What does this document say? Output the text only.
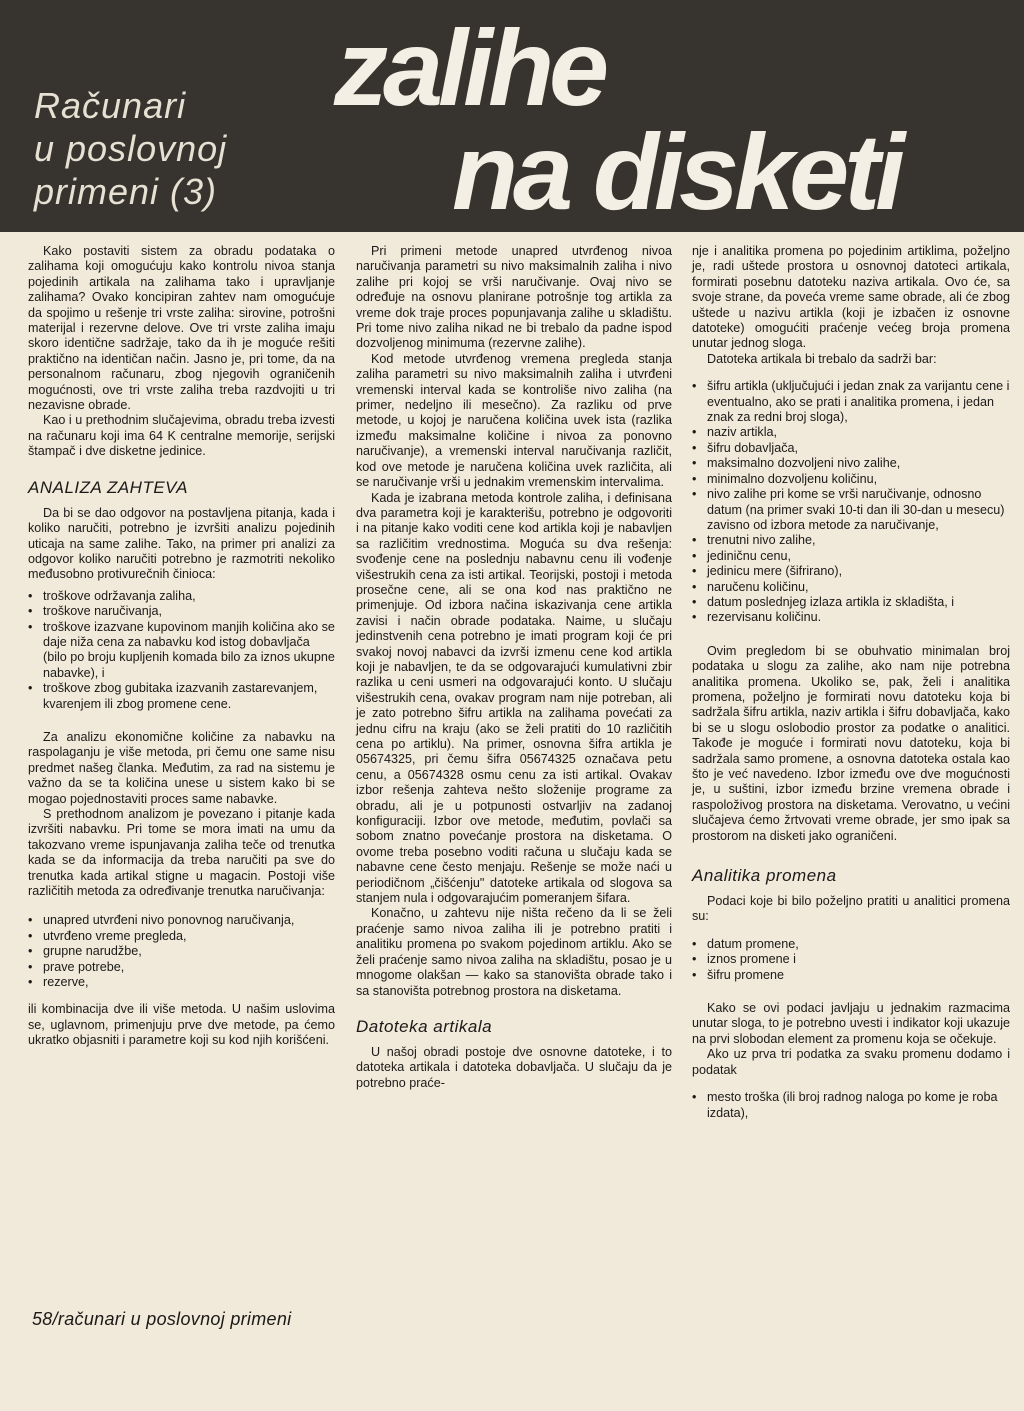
Računari
u poslovnoj
primeni (3)
zalihe
na disketi

Kako postaviti sistem za obradu podataka o zalihama koji omogućuju kako kontrolu nivoa stanja pojedinih artikala na zalihama tako i upravljanje zalihama? Ovako koncipiran zahtev nam omogućuje da spojimo u rešenje tri vrste zaliha: sirovine, potrošni materijal i rezervne delove. Ove tri vrste zaliha imaju skoro identične sadržaje, tako da ih je moguće rešiti praktično na identičan način. Jasno je, pri tome, da na personalnom računaru, zbog njegovih ograničenih mogućnosti, ove tri vrste zaliha treba razdvojiti u tri nezavisne obrade.

Kao i u prethodnim slučajevima, obradu treba izvesti na računaru koji ima 64 K centralne memorije, serijski štampač i dve disketne jedinice.

ANALIZA ZAHTEVA

Da bi se dao odgovor na postavljena pitanja, kada i koliko naručiti, potrebno je izvršiti analizu pojedinih uticaja na same zalihe. Tako, na primer pri analizi za odgovor koliko naručiti potrebno je razmotriti nekoliko međusobno protivurečnih činioca:

• troškove održavanja zaliha,
• troškove naručivanja,
• troškove izazvane kupovinom manjih količina ako se daje niža cena za nabavku kod istog dobavljača (bilo po broju kupljenih komada bilo za iznos ukupne nabavke), i
• troškove zbog gubitaka izazvanih zastarevanjem, kvarenjem ili zbog promene cene.

Za analizu ekonomične količine za nabavku na raspolaganju je više metoda, pri čemu one same nisu predmet našeg članka. Međutim, za rad na sistemu je važno da se ta količina unese u sistem kako bi se mogao pojednostaviti proces same nabavke.

S prethodnom analizom je povezano i pitanje kada izvršiti nabavku. Pri tome se mora imati na umu da takozvano vreme ispunjavanja zaliha teče od trenutka kada se da informacija da treba naručiti pa sve do trenutka kada artikal stigne u magacin. Postoji više različitih metoda za određivanje trenutka naručivanja:

• unapred utvrđeni nivo ponovnog naručivanja,
• utvrđeno vreme pregleda,
• grupne narudžbe,
• prave potrebe,
• rezerve,

ili kombinacija dve ili više metoda. U našim uslovima se, uglavnom, primenjuju prve dve metode, pa ćemo ukratko objasniti i parametre koji su kod njih korišćeni.

Pri primeni metode unapred utvrđenog nivoa naručivanja parametri su nivo maksimalnih zaliha i nivo zalihe pri kojoj se vrši naručivanje. Ovaj nivo se određuje na osnovu planirane potrošnje tog artikla za vreme dok traje proces popunjavanja zalihe u skladištu. Pri tome nivo zaliha nikad ne bi trebalo da padne ispod dozvoljenog minimuma (rezervne zalihe).

Kod metode utvrđenog vremena pregleda stanja zaliha parametri su nivo maksimalnih zaliha i utvrđeni vremenski interval kada se kontroliše nivo zaliha (na primer, nedeljno ili mesečno). Za razliku od prve metode, u kojoj je naručena količina uvek ista (razlika između maksimalne količine i nivoa za ponovno naručivanje), a vremenski interval naručivanja različit, kod ove metode je naručena količina uvek različita, ali se naručivanje vrši u jednakim vremenskim intervalima.

Kada je izabrana metoda kontrole zaliha, i definisana dva parametra koji je karakterišu, potrebno je odgovoriti i na pitanje kako voditi cene kod artikla koji je nabavljen sa različitim vrednostima. Moguća su dva rešenja: svođenje cene na poslednju nabavnu cenu ili vođenje višestrukih cena za isti artikal. Teorijski, postoji i metoda prosečne cene, ali se ona kod nas praktično ne primenjuje. Od izbora načina iskazivanja cene artikla zavisi i način obrade podataka. Naime, u slučaju jedinstvenih cena potrebno je imati program koji će pri svakoj novoj nabavci da izvrši izmenu cene kod artikla koji je nabavljen, te da se odgovarajući kumulativni zbir razlika u ceni usmeri na odgovarajući konto. U slučaju višestrukih cena, ovakav program nam nije potreban, ali je zato potrebno šifru artikla na zalihama povećati za jednu cifru na kraju (ako se želi pratiti do 10 različitih cena po artiklu). Na primer, osnovna šifra artikla je 05674325, pri čemu šifra 05674325 označava petu cenu, a 05674328 osmu cenu za isti artikal. Ovakav izbor rešenja zahteva nešto složenije programe za obradu, ali je u potpunosti ostvarljiv na zadanoj konfiguraciji. Izbor ove metode, međutim, povlači sa sobom znatno povećanje prostora na disketama. O ovome treba posebno voditi računa u slučaju kada se nabavne cene često menjaju. Rešenje se može naći u periodičnom „čišćenju" datoteke artikala od slogova sa stanjem nula i odgovarajućim pomeranjem šifara.

Konačno, u zahtevu nije ništa rečeno da li se želi praćenje samo nivoa zaliha ili je potrebno pratiti i analitiku promena po svakom pojedinom artiklu. Ako se želi praćenje samo nivoa zaliha na skladištu, posao je u mnogome olakšan — kako sa stanovišta obrade tako i sa stanovišta potrebnog prostora na disketama.

Datoteka artikala

U našoj obradi postoje dve osnovne datoteke, i to datoteka artikala i datoteka dobavljača. U slučaju da je potrebno praće-

nje i analitika promena po pojedinim artiklima, poželjno je, radi uštede prostora u osnovnoj datoteci artikala, formirati posebnu datoteku naziva artikala. Ovo će, sa svoje strane, da poveća vreme same obrade, ali će zbog uštede u nazivu artikla (koji je izbačen iz osnovne datoteke) omogućiti praćenje većeg broja promena unutar jednog sloga.

Datoteka artikala bi trebalo da sadrži bar:

• šifru artikla (uključujući i jedan znak za varijantu cene i eventualno, ako se prati i analitika promena, i jedan znak za redni broj sloga),
• naziv artikla,
• šifru dobavljača,
• maksimalno dozvoljeni nivo zalihe,
• minimalno dozvoljenu količinu,
• nivo zalihe pri kome se vrši naručivanje, odnosno datum (na primer svaki 10-ti dan ili 30-dan u mesecu) zavisno od izbora metode za naručivanje,
• trenutni nivo zalihe,
• jediničnu cenu,
• jedinicu mere (šifrirano),
• naručenu količinu,
• datum poslednjeg izlaza artikla iz skladišta, i
• rezervisanu količinu.

Ovim pregledom bi se obuhvatio minimalan broj podataka u slogu za zalihe, ako nam nije potrebna analitika promena. Ukoliko se, pak, želi i analitika promena, poželjno je formirati novu datoteku koja bi sadržala šifru artikla, naziv artikla i šifru dobavljača, kako bi se u slogu oslobodio prostor za podatke o analitici. Takođe je moguće i formirati novu datoteku, koja bi sadržala samo promene, a osnovna datoteka ostala kao što je već navedeno. Izbor između ove dve mogućnosti je, u suštini, izbor između brzine vremena obrade i raspoloživog prostora na disketama. Verovatno, u većini slučajeva ćemo žrtvovati vreme obrade, jer smo ipak sa prostorom na disketi jako ograničeni.

Analitika promena

Podaci koje bi bilo poželjno pratiti u analitici promena su:

• datum promene,
• iznos promene i
• šifru promene

Kako se ovi podaci javljaju u jednakim razmacima unutar sloga, to je potrebno uvesti i indikator koji ukazuje na prvi slobodan element za promenu koja se očekuje.

Ako uz prva tri podatka za svaku promenu dodamo i podatak

• mesto troška (ili broj radnog naloga po kome je roba izdata),
58/računari u poslovnoj primeni
